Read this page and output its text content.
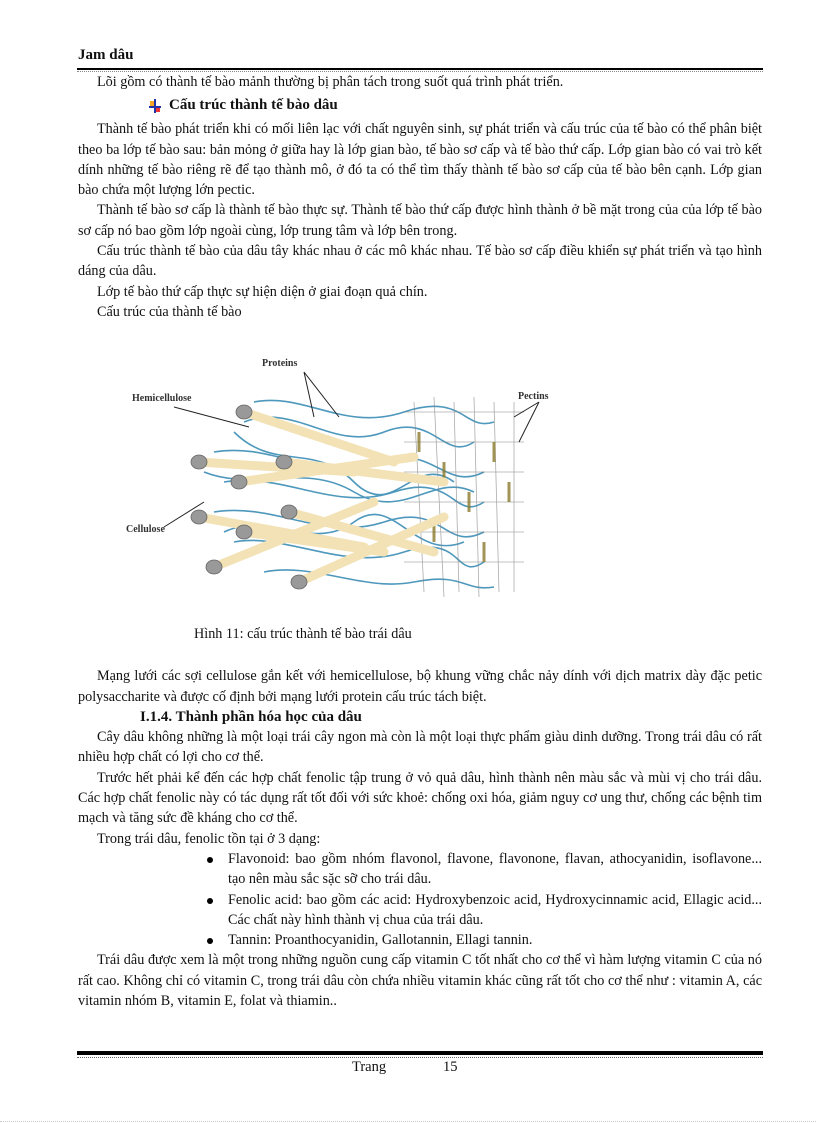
Jam dâu

Lõi gồm có thành tế bào mảnh thường bị phân tách trong suốt quá trình phát triển.

Cấu trúc thành tế bào dâu

Thành tế bào phát triển khi có mối liên lạc với chất nguyên sinh, sự phát triển và cấu trúc của tế bào có thể phân biệt theo ba lớp tế bào sau: bản mỏng ở giữa hay là lớp gian bào, tế bào sơ cấp và tế bào thứ cấp. Lớp gian bào có vai trò kết dính những tế bào riêng rẽ để tạo thành mô, ở đó ta có thể tìm thấy thành tế bào sơ cấp của tế bào bên cạnh. Lớp gian bào chứa một lượng lớn pectic.

Thành tế bào sơ cấp là thành tế bào thực sự. Thành tế bào thứ cấp được hình thành ở bề mặt trong của của lớp tế bào sơ cấp nó bao gồm lớp ngoài cùng, lớp trung tâm và lớp bên trong.

Cấu trúc thành tế bào của dâu tây khác nhau ở các mô khác nhau. Tế bào sơ cấp điều khiển sự phát triển và tạo hình dáng của dâu.

Lớp tế bào thứ cấp thực sự hiện diện ở giai đoạn quả chín.

Cấu trúc của thành tế bào

Proteins
Hemicellulose	Pectins
Cellulose
Hình 11: cấu trúc thành tế bào trái dâu

Mạng lưới các sợi cellulose gắn kết với hemicellulose, bộ khung vững chắc nảy dính với dịch matrix dày đặc petic polysaccharite và được cố định bởi mạng lưới protein cấu trúc tách biệt.

I.1.4. Thành phần hóa học của dâu

Cây dâu không những là một loại trái cây ngon mà còn là một loại thực phẩm giàu dinh dưỡng. Trong trái dâu có rất nhiều hợp chất có lợi cho cơ thể.

Trước hết phải kể đến các hợp chất fenolic tập trung ở vỏ quả dâu, hình thành nên màu sắc và mùi vị cho trái dâu. Các hợp chất fenolic này có tác dụng rất tốt đối với sức khoẻ: chống oxi hóa, giảm nguy cơ ung thư, chống các bệnh tim mạch và tăng sức đề kháng cho cơ thể.

Trong trái dâu, fenolic tồn tại ở 3 dạng:

Flavonoid: bao gồm nhóm flavonol, flavone, flavonone, flavan, athocyanidin, isoflavone... tạo nên màu sắc sặc sỡ cho trái dâu.
Fenolic acid: bao gồm các acid: Hydroxybenzoic acid, Hydroxycinnamic acid, Ellagic acid... Các chất này hình thành vị chua của trái dâu.
Tannin: Proanthocyanidin, Gallotannin, Ellagi tannin.

Trái dâu được xem là một trong những nguồn cung cấp vitamin C tốt nhất cho cơ thể vì hàm lượng vitamin C của nó rất cao. Không chỉ có vitamin C, trong trái dâu còn chứa nhiều vitamin khác cũng rất tốt cho cơ thể như : vitamin A, các vitamin nhóm B, vitamin E, folat và thiamin..

Trang	15
